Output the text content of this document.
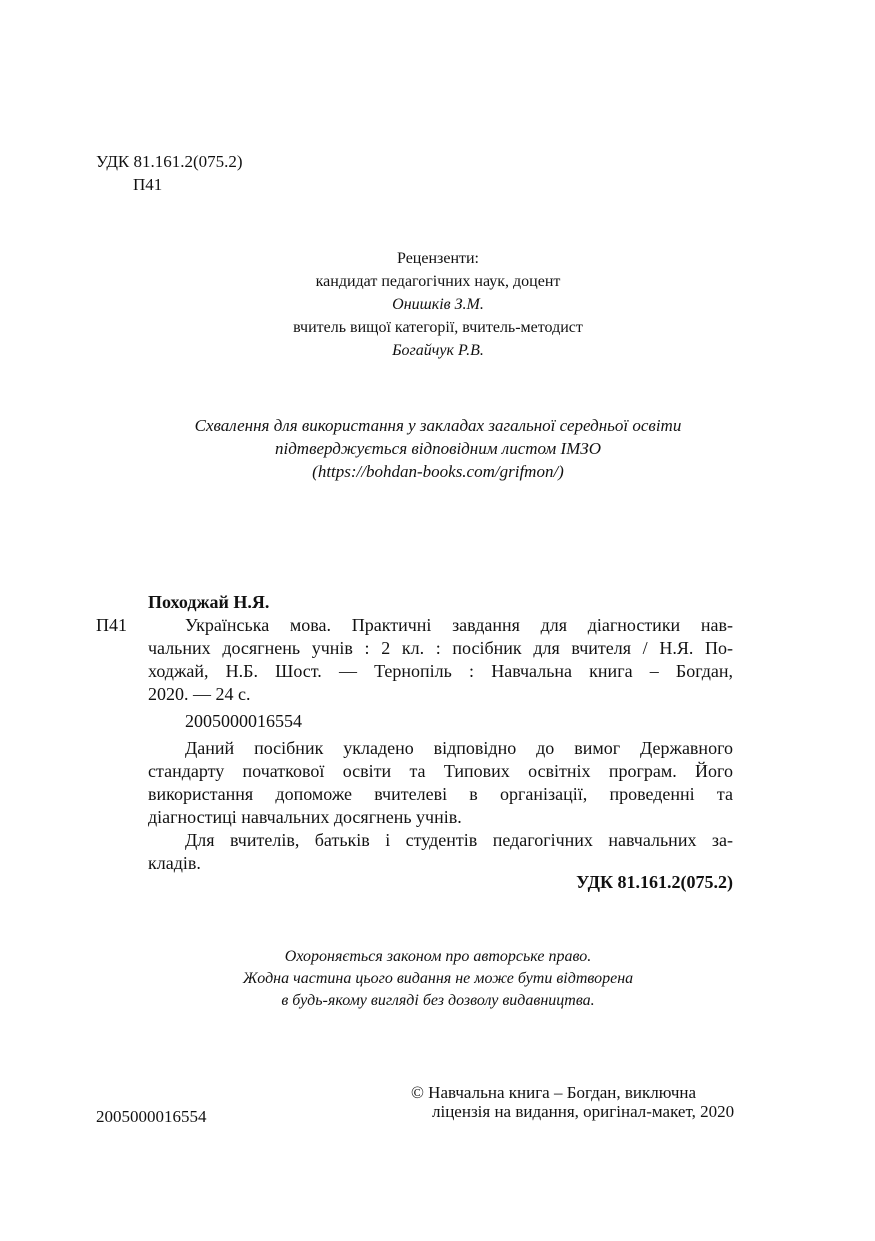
УДК 81.161.2(075.2)
П41
Рецензенти:
кандидат педагогічних наук, доцент
Онишків З.М.
вчитель вищої категорії, вчитель-методист
Богайчук Р.В.
Схвалення для використання у закладах загальної середньої освіти
підтверджується відповідним листом ІМЗО
(https://bohdan-books.com/grifmon/)
Походжай Н.Я.
П41	Українська мова. Практичні завдання для діагностики нав-
чальних досягнень учнів : 2 кл. : посібник для вчителя / Н.Я. По-
ходжай, Н.Б. Шост. — Тернопіль : Навчальна книга – Богдан,
2020. — 24 с.
2005000016554
Даний посібник укладено відповідно до вимог Державного
стандарту початкової освіти та Типових освітніх програм. Його
використання допоможе вчителеві в організації, проведенні та
діагностиці навчальних досягнень учнів.
Для вчителів, батьків і студентів педагогічних навчальних за-
кладів.
УДК 81.161.2(075.2)
Охороняється законом про авторське право.
Жодна частина цього видання не може бути відтворена
в будь-якому вигляді без дозволу видавництва.
2005000016554
© Навчальна книга – Богдан, виключна
ліцензія на видання, оригінал-макет, 2020
